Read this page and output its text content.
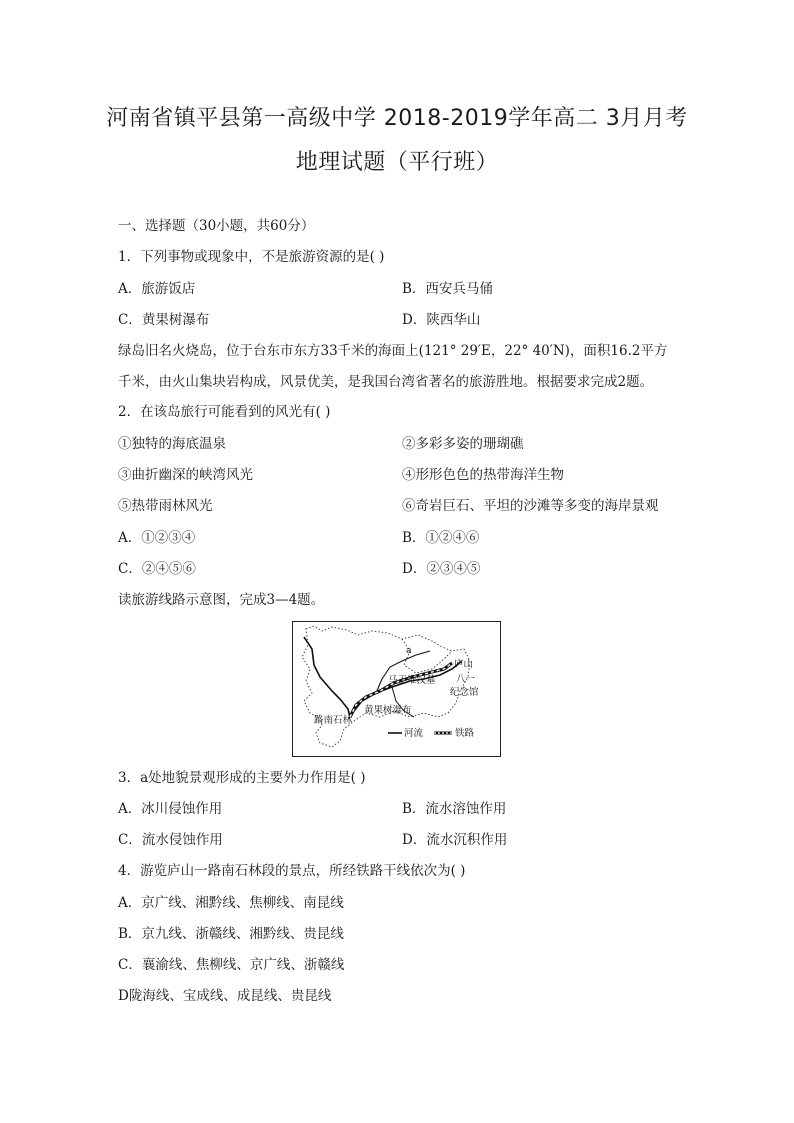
河南省镇平县第一高级中学 2018-2019学年高二 3月月考
地理试题（平行班）
一、选择题（30小题，共60分）
1．下列事物或现象中，不是旅游资源的是( )
A．旅游饭店	B．西安兵马俑
C．黄果树瀑布	D．陕西华山
绿岛旧名火烧岛，位于台东市东方33千米的海面上(121° 29′E，22° 40′N)，面积16.2平方
千米，由火山集块岩构成，风景优美，是我国台湾省著名的旅游胜地。根据要求完成2题。
2．在该岛旅行可能看到的风光有( )
①独特的海底温泉	②多彩多姿的珊瑚礁
③曲折幽深的峡湾风光	④形形色色的热带海洋生物
⑤热带雨林风光	⑥奇岩巨石、平坦的沙滩等多变的海岸景观
A．①②③④	B．①②④⑥
C．②④⑤⑥	D．②③④⑤
读旅游线路示意图，完成3—4题。
a
庐山
八一
纪念馆
马王堆汉墓
黄果树瀑布
路南石林
河流	铁路
3．a处地貌景观形成的主要外力作用是( )
A．冰川侵蚀作用	B．流水溶蚀作用
C．流水侵蚀作用	D．流水沉积作用
4．游览庐山一路南石林段的景点，所经铁路干线依次为( )
A．京广线、湘黔线、焦柳线、南昆线
B．京九线、浙赣线、湘黔线、贵昆线
C．襄渝线、焦柳线、京广线、浙赣线
D陇海线、宝成线、成昆线、贵昆线
